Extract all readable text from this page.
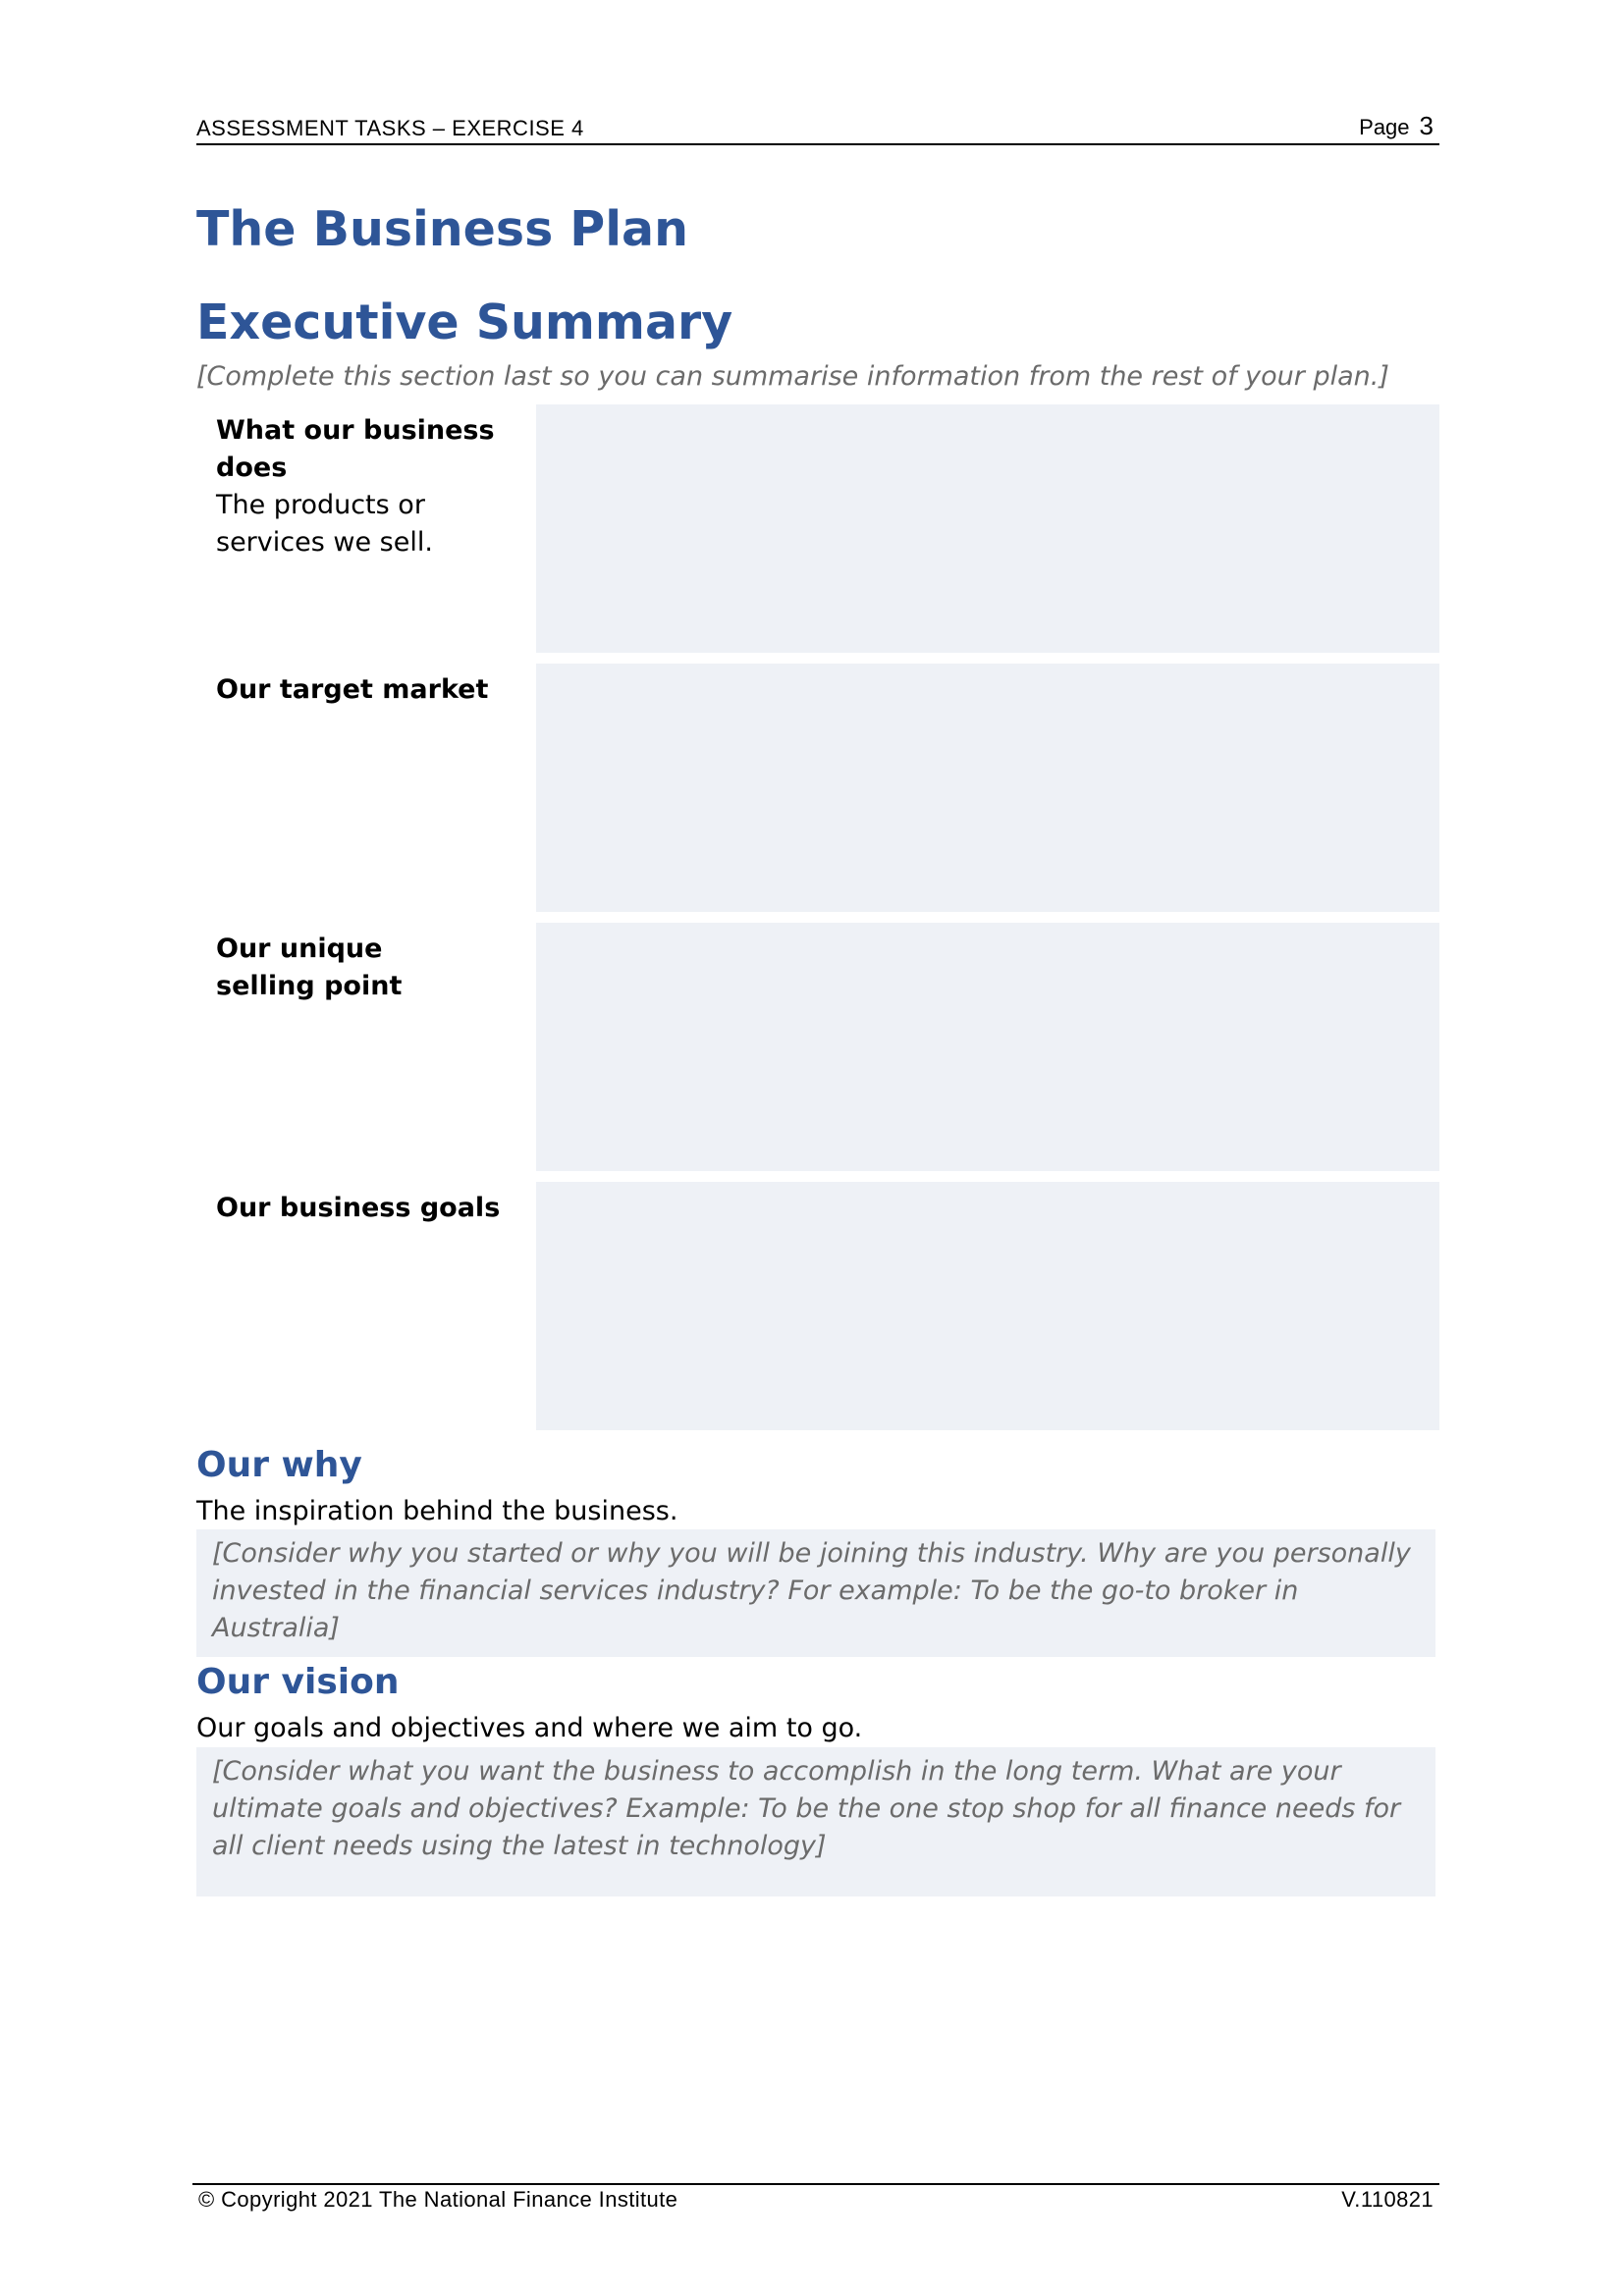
ASSESSMENT TASKS – EXERCISE 4	Page 3
The Business Plan
Executive Summary
[Complete this section last so you can summarise information from the rest of your plan.]
What our business does
The products or services we sell.
Our target market
Our unique selling point
Our business goals
Our why
The inspiration behind the business.

[Consider why you started or why you will be joining this industry. Why are you personally invested in the financial services industry? For example: To be the go-to broker in Australia]

Our vision
Our goals and objectives and where we aim to go.

[Consider what you want the business to accomplish in the long term. What are your ultimate goals and objectives? Example: To be the one stop shop for all finance needs for all client needs using the latest in technology]

© Copyright 2021 The National Finance Institute	V.110821
